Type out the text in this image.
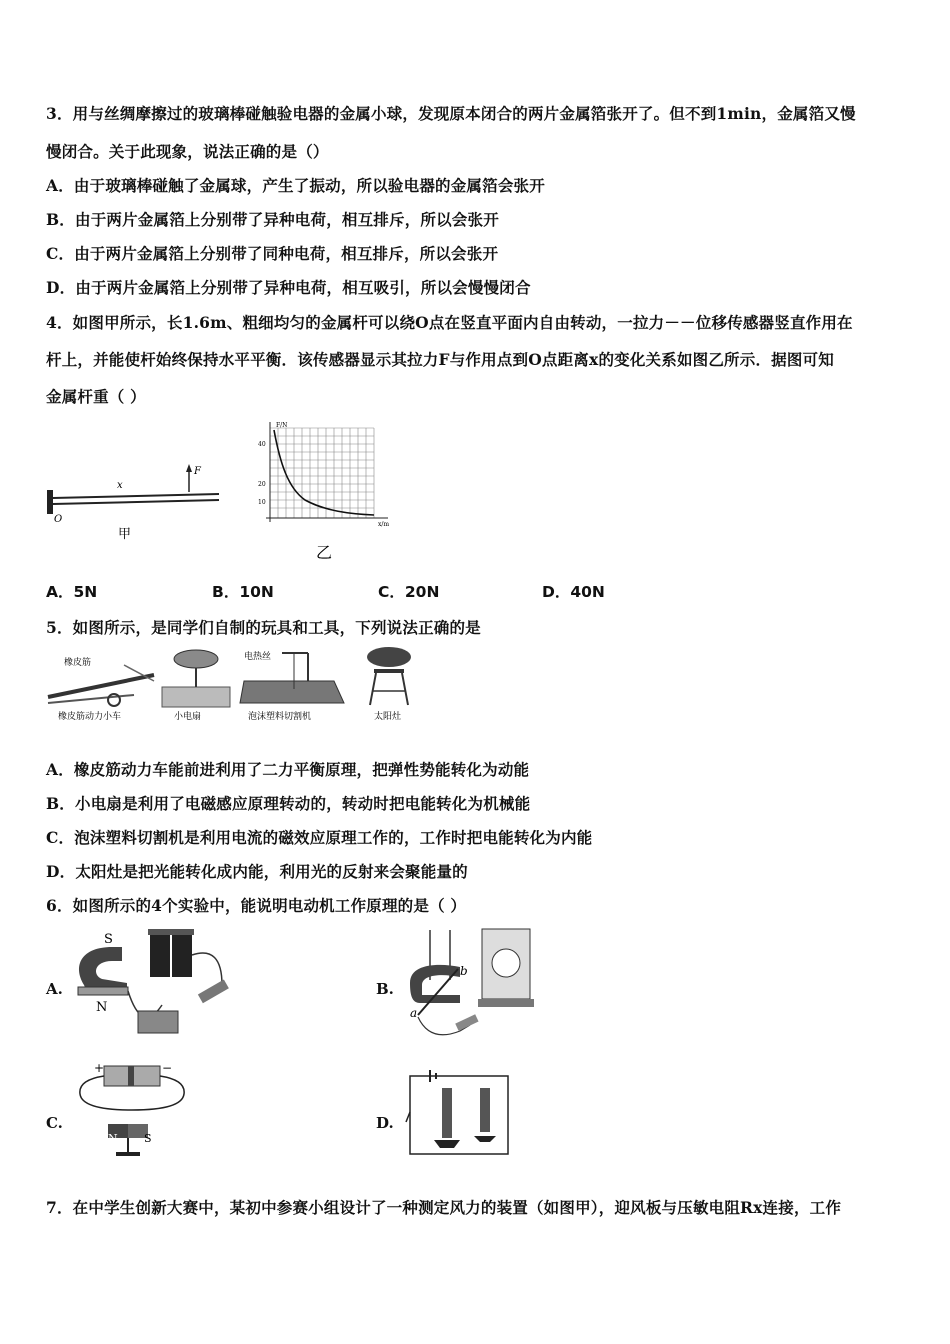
3．用与丝绸摩擦过的玻璃棒碰触验电器的金属小球，发现原本闭合的两片金属箔张开了。但不到1min，金属箔又慢
慢闭合。关于此现象，说法正确的是（）
A．由于玻璃棒碰触了金属球，产生了振动，所以验电器的金属箔会张开
B．由于两片金属箔上分别带了异种电荷，相互排斥，所以会张开
C．由于两片金属箔上分别带了同种电荷，相互排斥，所以会张开
D．由于两片金属箔上分别带了异种电荷，相互吸引，所以会慢慢闭合
4．如图甲所示，长1.6m、粗细均匀的金属杆可以绕O点在竖直平面内自由转动，一拉力－－位移传感器竖直作用在
杆上，并能使杆始终保持水平平衡．该传感器显示其拉力F与作用点到O点距离x的变化关系如图乙所示．据图可知
金属杆重（ ）
F
x
O
甲
F/N
x/m
40
20
10
乙
A．5N	B．10N	C．20N	D．40N
5．如图所示，是同学们自制的玩具和工具，下列说法正确的是
橡皮筋
橡皮筋动力小车	小电扇
电热丝
泡沫塑料切割机	太阳灶
A．橡皮筋动力车能前进利用了二力平衡原理，把弹性势能转化为动能
B．小电扇是利用了电磁感应原理转动的，转动时把电能转化为机械能
C．泡沫塑料切割机是利用电流的磁效应原理工作的，工作时把电能转化为内能
D．太阳灶是把光能转化成内能，利用光的反射来会聚能量的
6．如图所示的4个实验中，能说明电动机工作原理的是（ ）
A.
S
N
B.
a
b
C.
+	−
N S
D.
7．在中学生创新大赛中，某初中参赛小组设计了一种测定风力的装置（如图甲），迎风板与压敏电阻Rx连接，工作
